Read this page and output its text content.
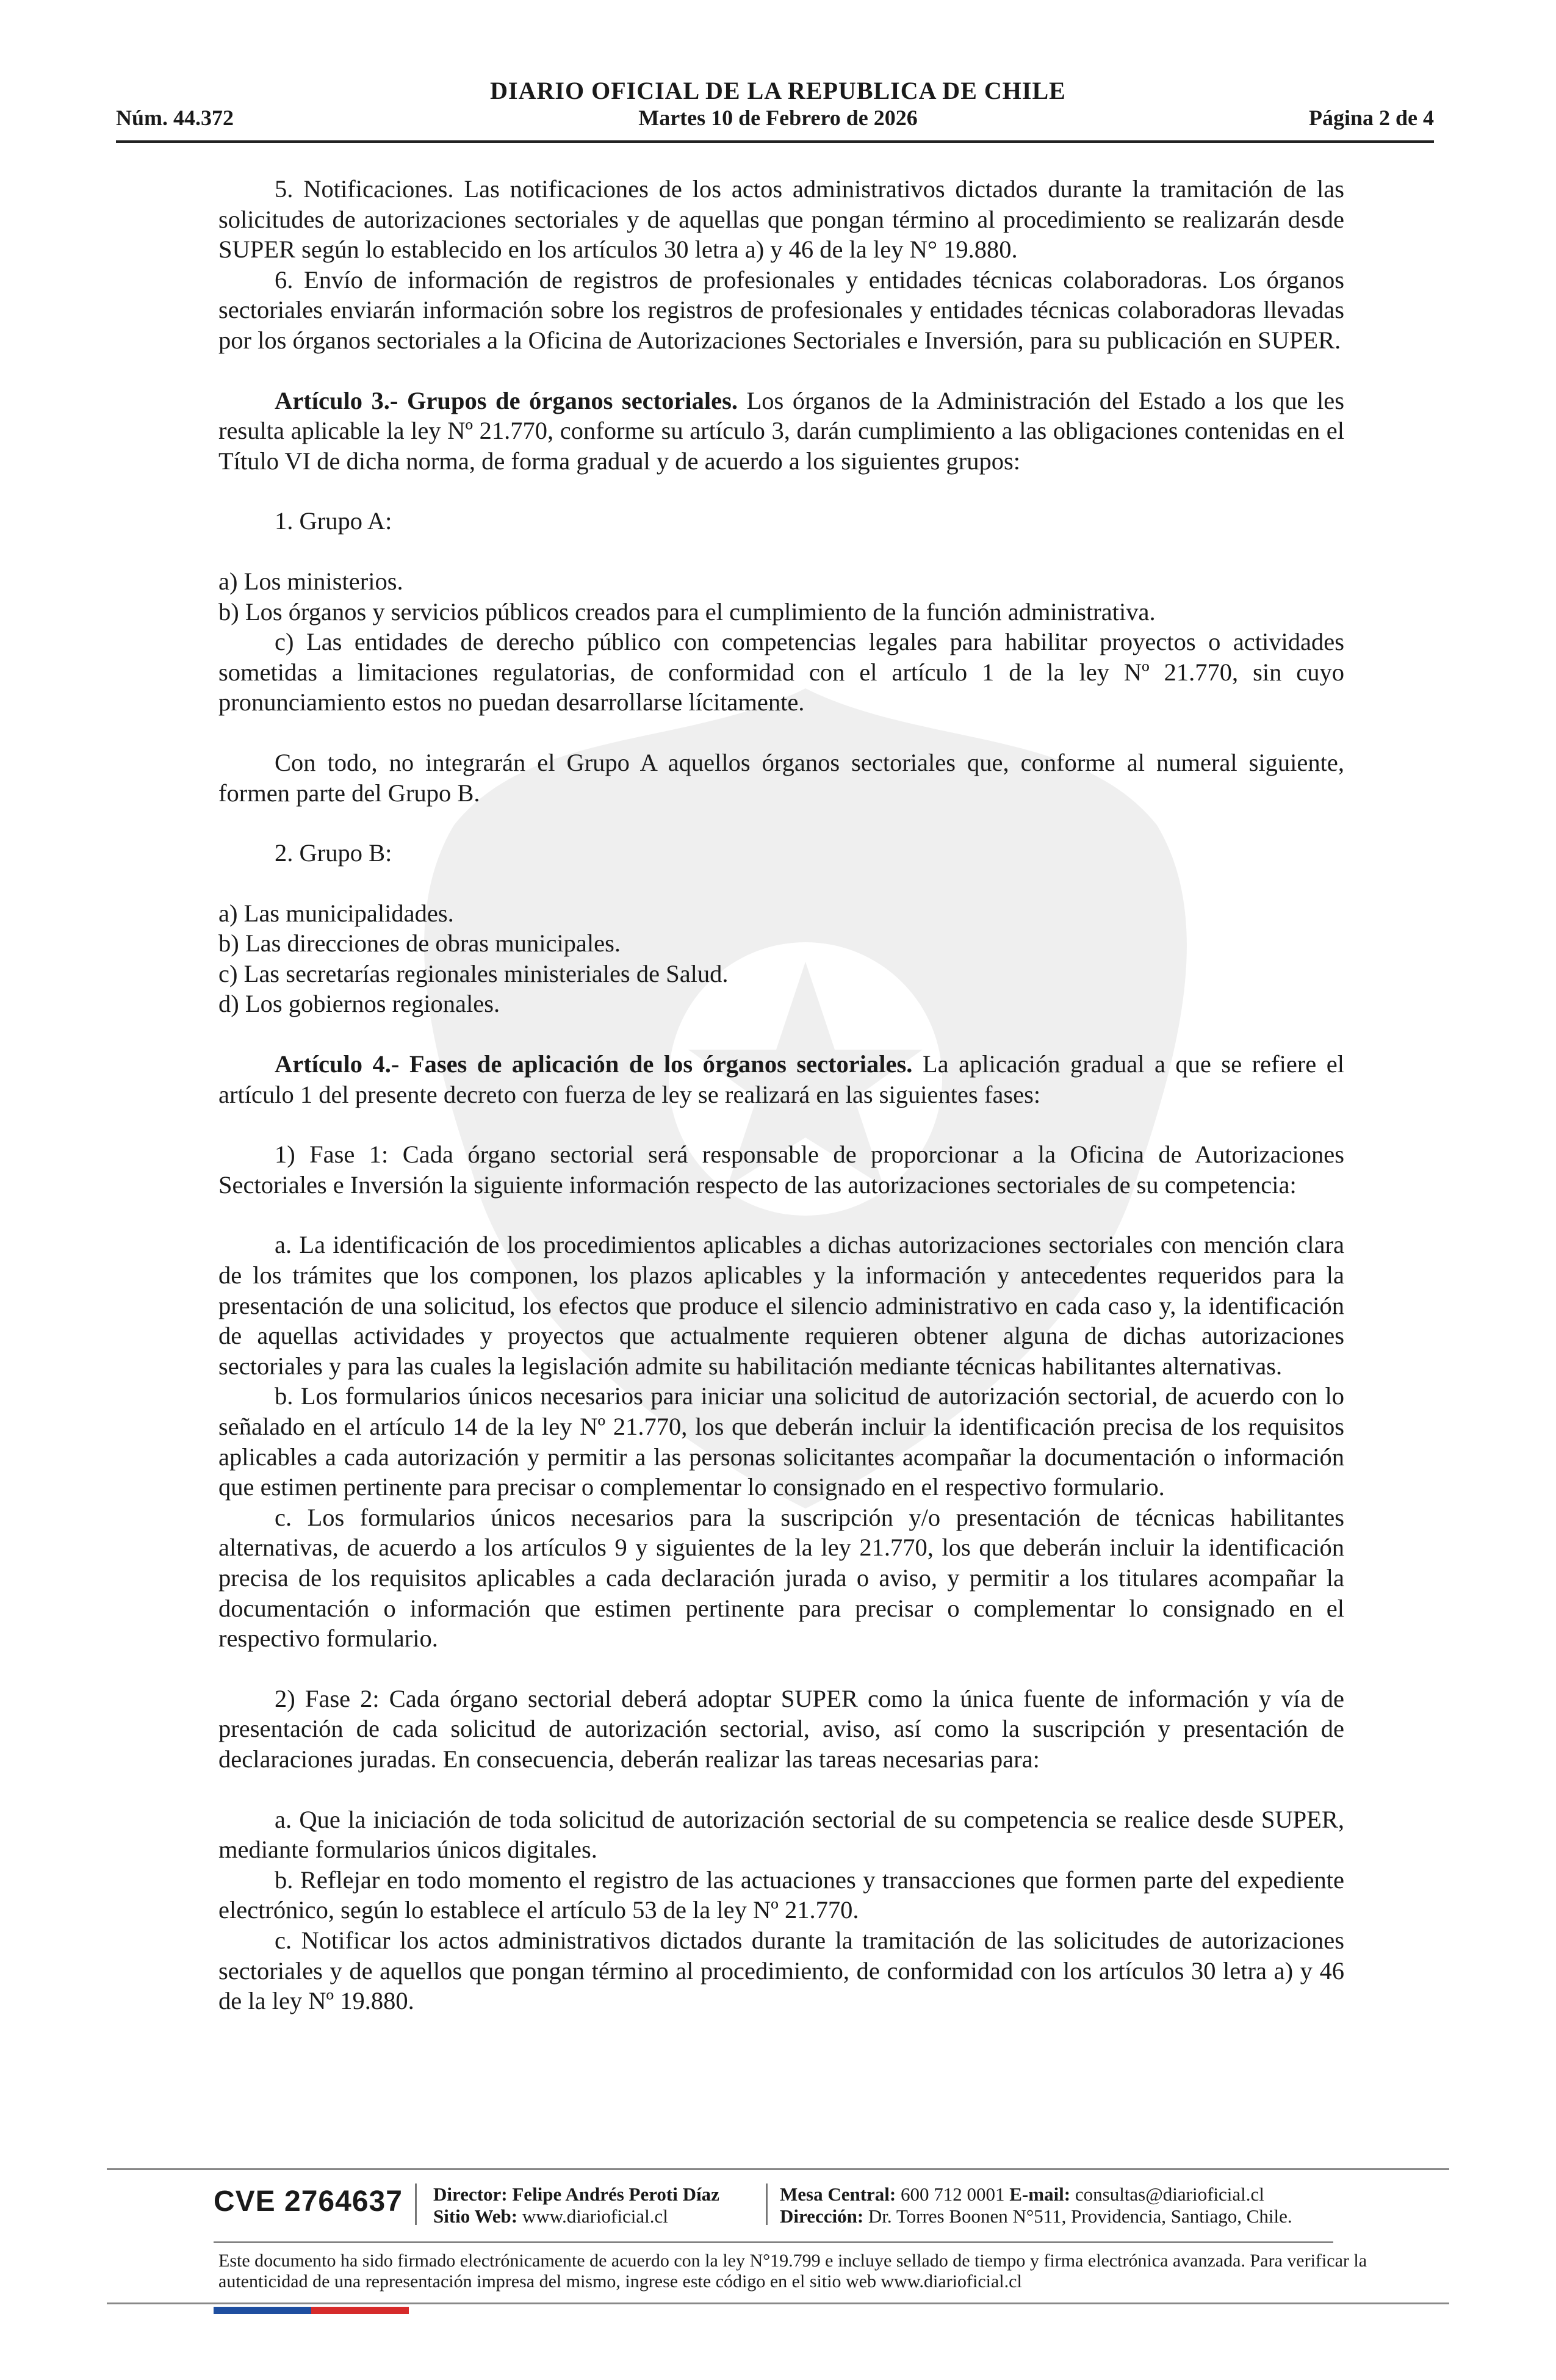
DIARIO OFICIAL DE LA REPUBLICA DE CHILE
Núm. 44.372	Martes 10 de Febrero de 2026	Página 2 de 4

5. Notificaciones. Las notificaciones de los actos administrativos dictados durante la tramitación de las solicitudes de autorizaciones sectoriales y de aquellas que pongan término al procedimiento se realizarán desde SUPER según lo establecido en los artículos 30 letra a) y 46 de la ley N° 19.880.

6. Envío de información de registros de profesionales y entidades técnicas colaboradoras. Los órganos sectoriales enviarán información sobre los registros de profesionales y entidades técnicas colaboradoras llevadas por los órganos sectoriales a la Oficina de Autorizaciones Sectoriales e Inversión, para su publicación en SUPER.

Artículo 3.- Grupos de órganos sectoriales. Los órganos de la Administración del Estado a los que les resulta aplicable la ley Nº 21.770, conforme su artículo 3, darán cumplimiento a las obligaciones contenidas en el Título VI de dicha norma, de forma gradual y de acuerdo a los siguientes grupos:

1. Grupo A:

a) Los ministerios.

b) Los órganos y servicios públicos creados para el cumplimiento de la función administrativa.

c) Las entidades de derecho público con competencias legales para habilitar proyectos o actividades sometidas a limitaciones regulatorias, de conformidad con el artículo 1 de la ley Nº 21.770, sin cuyo pronunciamiento estos no puedan desarrollarse lícitamente.

Con todo, no integrarán el Grupo A aquellos órganos sectoriales que, conforme al numeral siguiente, formen parte del Grupo B.

2. Grupo B:

a) Las municipalidades.

b) Las direcciones de obras municipales.

c) Las secretarías regionales ministeriales de Salud.

d) Los gobiernos regionales.

Artículo 4.- Fases de aplicación de los órganos sectoriales. La aplicación gradual a que se refiere el artículo 1 del presente decreto con fuerza de ley se realizará en las siguientes fases:

1) Fase 1: Cada órgano sectorial será responsable de proporcionar a la Oficina de Autorizaciones Sectoriales e Inversión la siguiente información respecto de las autorizaciones sectoriales de su competencia:

a. La identificación de los procedimientos aplicables a dichas autorizaciones sectoriales con mención clara de los trámites que los componen, los plazos aplicables y la información y antecedentes requeridos para la presentación de una solicitud, los efectos que produce el silencio administrativo en cada caso y, la identificación de aquellas actividades y proyectos que actualmente requieren obtener alguna de dichas autorizaciones sectoriales y para las cuales la legislación admite su habilitación mediante técnicas habilitantes alternativas.

b. Los formularios únicos necesarios para iniciar una solicitud de autorización sectorial, de acuerdo con lo señalado en el artículo 14 de la ley Nº 21.770, los que deberán incluir la identificación precisa de los requisitos aplicables a cada autorización y permitir a las personas solicitantes acompañar la documentación o información que estimen pertinente para precisar o complementar lo consignado en el respectivo formulario.

c. Los formularios únicos necesarios para la suscripción y/o presentación de técnicas habilitantes alternativas, de acuerdo a los artículos 9 y siguientes de la ley 21.770, los que deberán incluir la identificación precisa de los requisitos aplicables a cada declaración jurada o aviso, y permitir a los titulares acompañar la documentación o información que estimen pertinente para precisar o complementar lo consignado en el respectivo formulario.

2) Fase 2: Cada órgano sectorial deberá adoptar SUPER como la única fuente de información y vía de presentación de cada solicitud de autorización sectorial, aviso, así como la suscripción y presentación de declaraciones juradas. En consecuencia, deberán realizar las tareas necesarias para:

a. Que la iniciación de toda solicitud de autorización sectorial de su competencia se realice desde SUPER, mediante formularios únicos digitales.

b. Reflejar en todo momento el registro de las actuaciones y transacciones que formen parte del expediente electrónico, según lo establece el artículo 53 de la ley Nº 21.770.

c. Notificar los actos administrativos dictados durante la tramitación de las solicitudes de autorizaciones sectoriales y de aquellos que pongan término al procedimiento, de conformidad con los artículos 30 letra a) y 46 de la ley Nº 19.880.

CVE 2764637 Director: Felipe Andrés Peroti Díaz
Sitio Web: www.diarioficial.cl
Mesa Central: 600 712 0001 E-mail: consultas@diarioficial.cl
Dirección: Dr. Torres Boonen N°511, Providencia, Santiago, Chile.
Este documento ha sido firmado electrónicamente de acuerdo con la ley N°19.799 e incluye sellado de tiempo y firma electrónica avanzada. Para verificar la autenticidad de una representación impresa del mismo, ingrese este código en el sitio web www.diarioficial.cl
